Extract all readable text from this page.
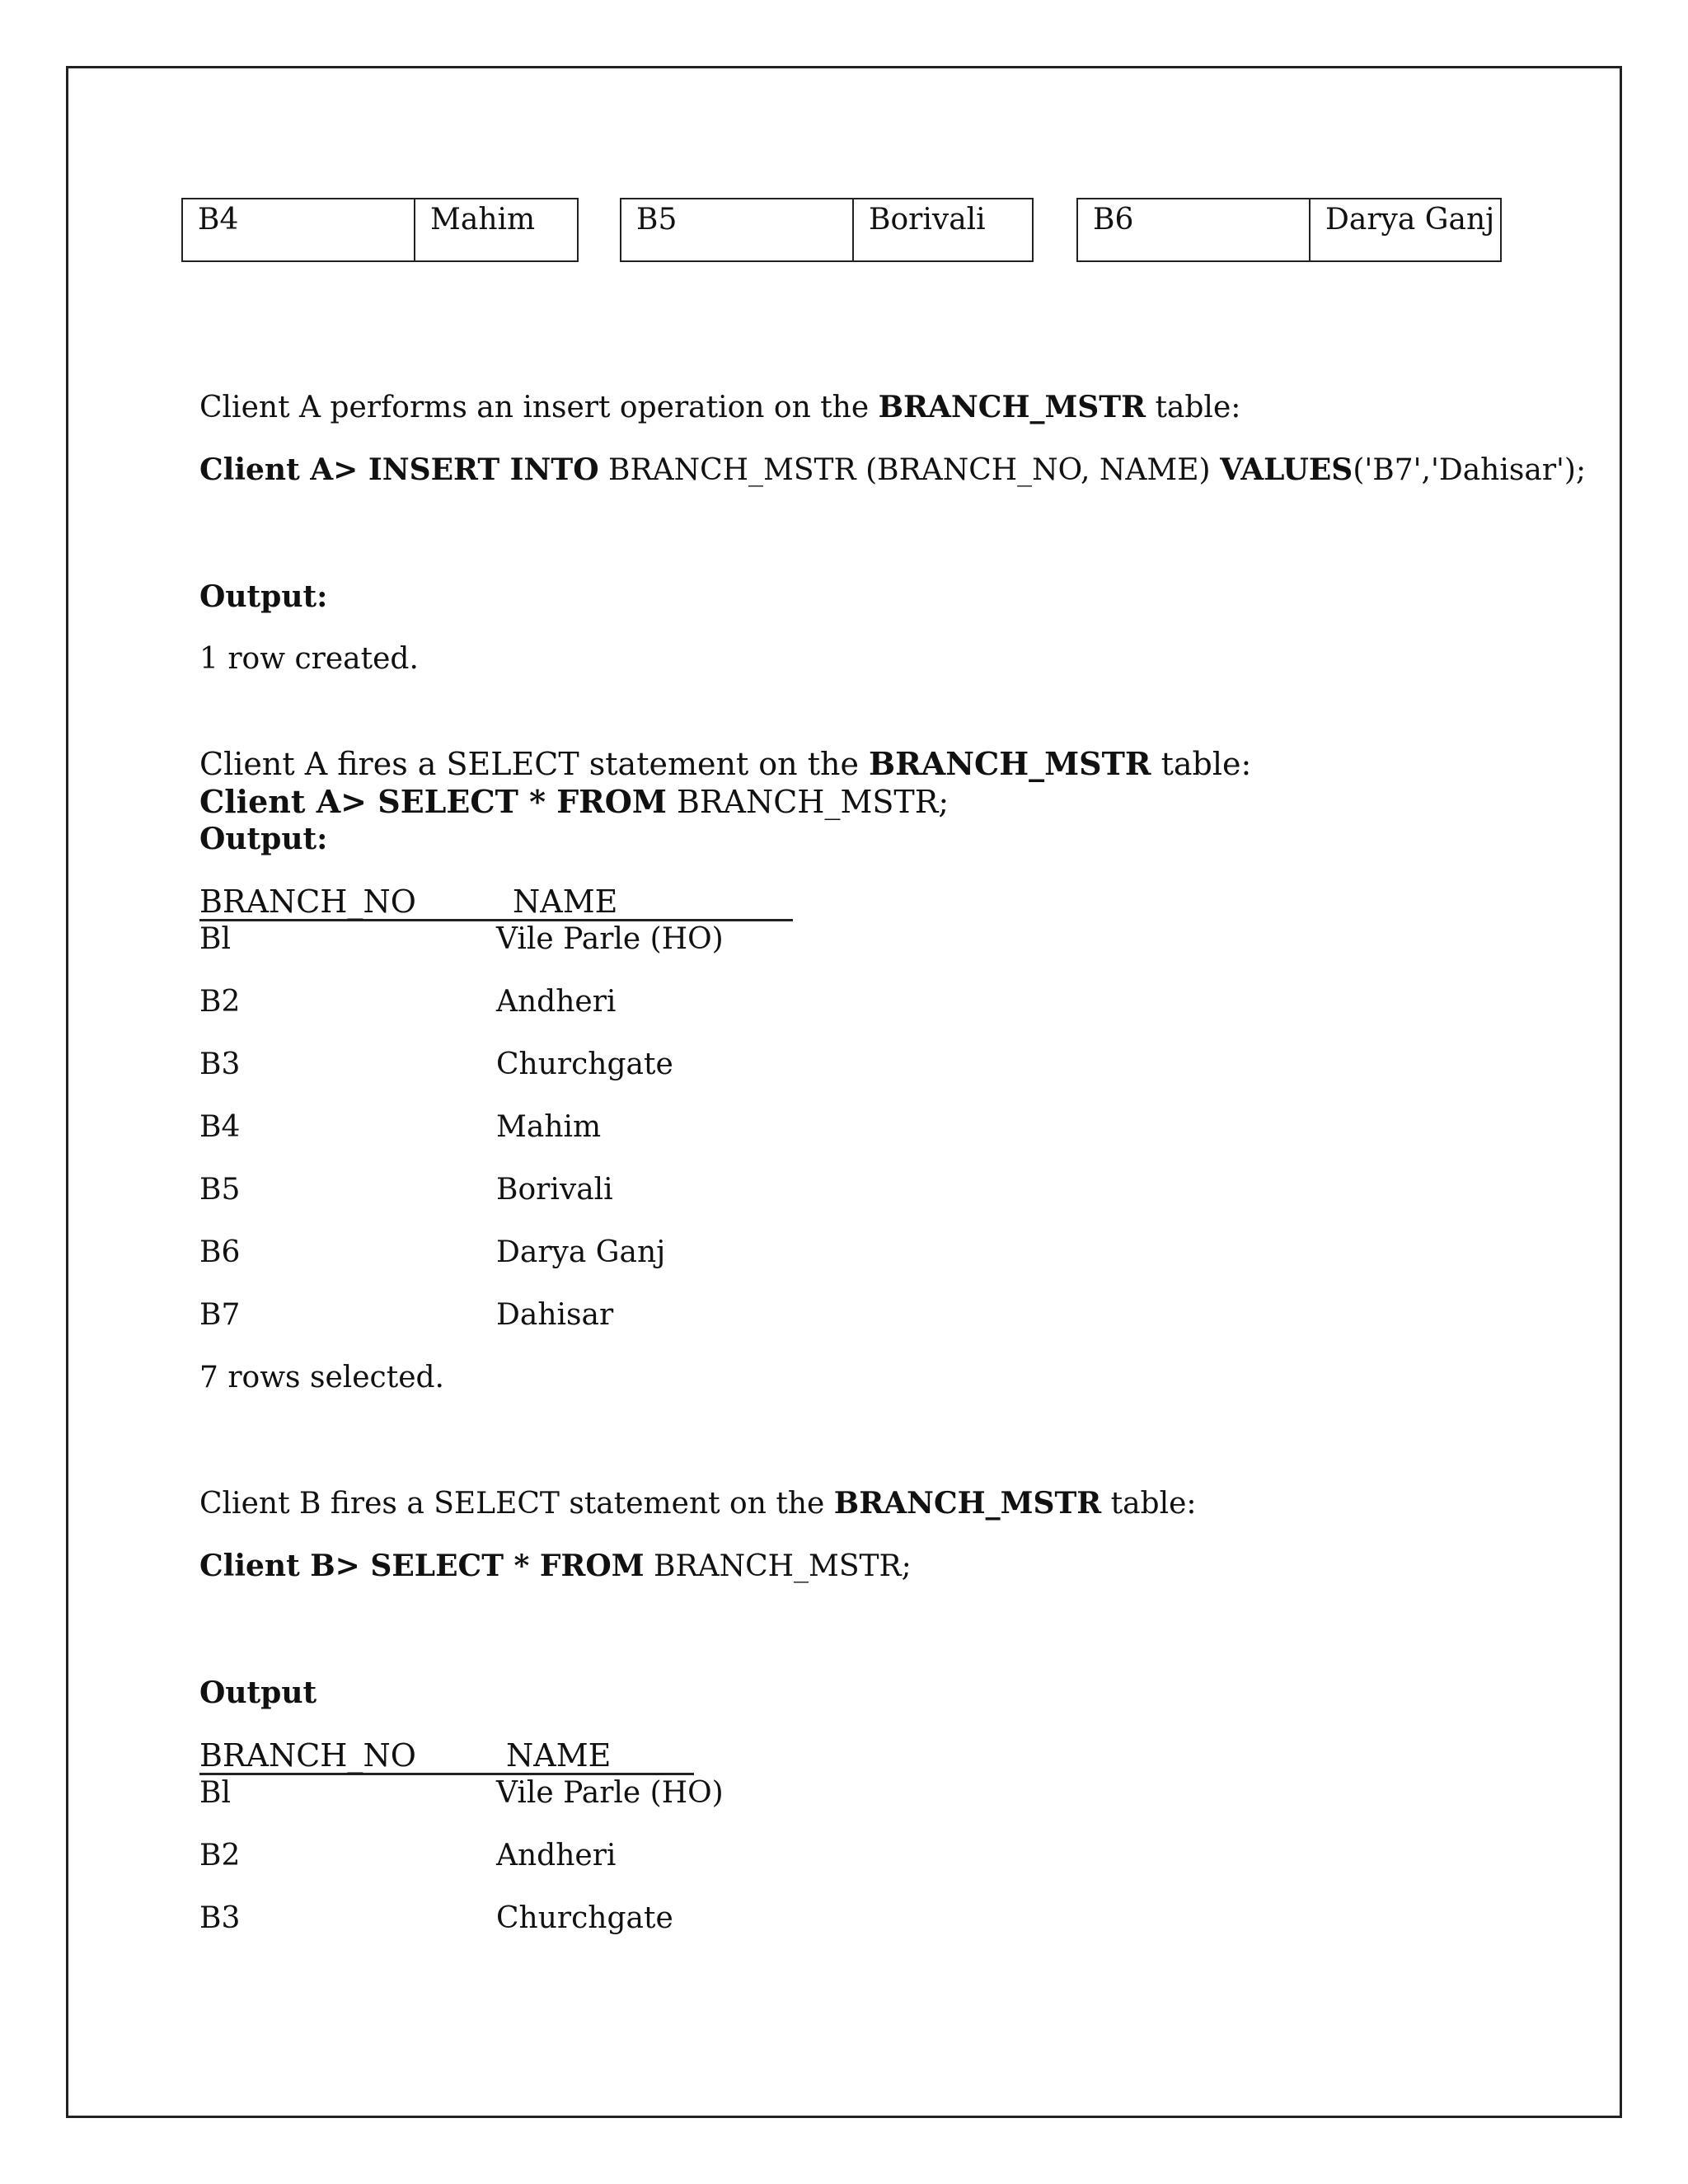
B4	Mahim	B5	Borivali	B6	Darya Ganj
Client A performs an insert operation on the BRANCH_MSTR table:
Client A> INSERT INTO BRANCH_MSTR (BRANCH_NO, NAME) VALUES('B7','Dahisar');
Output:
1 row created.
Client A fires a SELECT statement on the BRANCH_MSTR table:
Client A> SELECT * FROM BRANCH_MSTR;
Output:
BRANCH_NO	NAME
Bl	Vile Parle (HO)
B2	Andheri
B3	Churchgate
B4	Mahim
B5	Borivali
B6	Darya Ganj
B7	Dahisar
7 rows selected.
Client B fires a SELECT statement on the BRANCH_MSTR table:
Client B> SELECT * FROM BRANCH_MSTR;
Output
BRANCH_NO	NAME
Bl	Vile Parle (HO)
B2	Andheri
B3	Churchgate
